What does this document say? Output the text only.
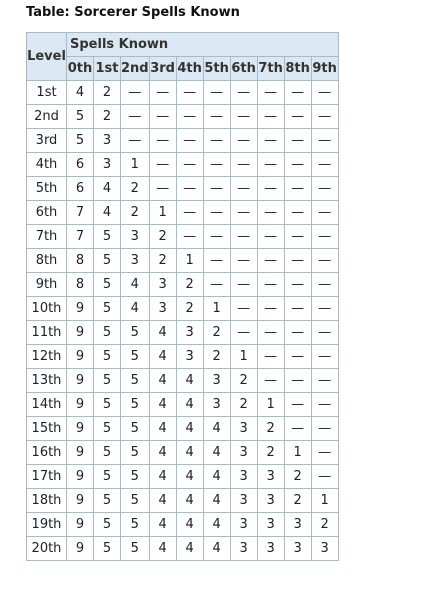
Table: Sorcerer Spells Known
Level	Spells Known									
	0th	1st	2nd	3rd	4th	5th	6th	7th	8th	9th
1st	4	2	—	—	—	—	—	—	—	—
2nd	5	2	—	—	—	—	—	—	—	—
3rd	5	3	—	—	—	—	—	—	—	—
4th	6	3	1	—	—	—	—	—	—	—
5th	6	4	2	—	—	—	—	—	—	—
6th	7	4	2	1	—	—	—	—	—	—
7th	7	5	3	2	—	—	—	—	—	—
8th	8	5	3	2	1	—	—	—	—	—
9th	8	5	4	3	2	—	—	—	—	—
10th	9	5	4	3	2	1	—	—	—	—
11th	9	5	5	4	3	2	—	—	—	—
12th	9	5	5	4	3	2	1	—	—	—
13th	9	5	5	4	4	3	2	—	—	—
14th	9	5	5	4	4	3	2	1	—	—
15th	9	5	5	4	4	4	3	2	—	—
16th	9	5	5	4	4	4	3	2	1	—
17th	9	5	5	4	4	4	3	3	2	—
18th	9	5	5	4	4	4	3	3	2	1
19th	9	5	5	4	4	4	3	3	3	2
20th	9	5	5	4	4	4	3	3	3	3
